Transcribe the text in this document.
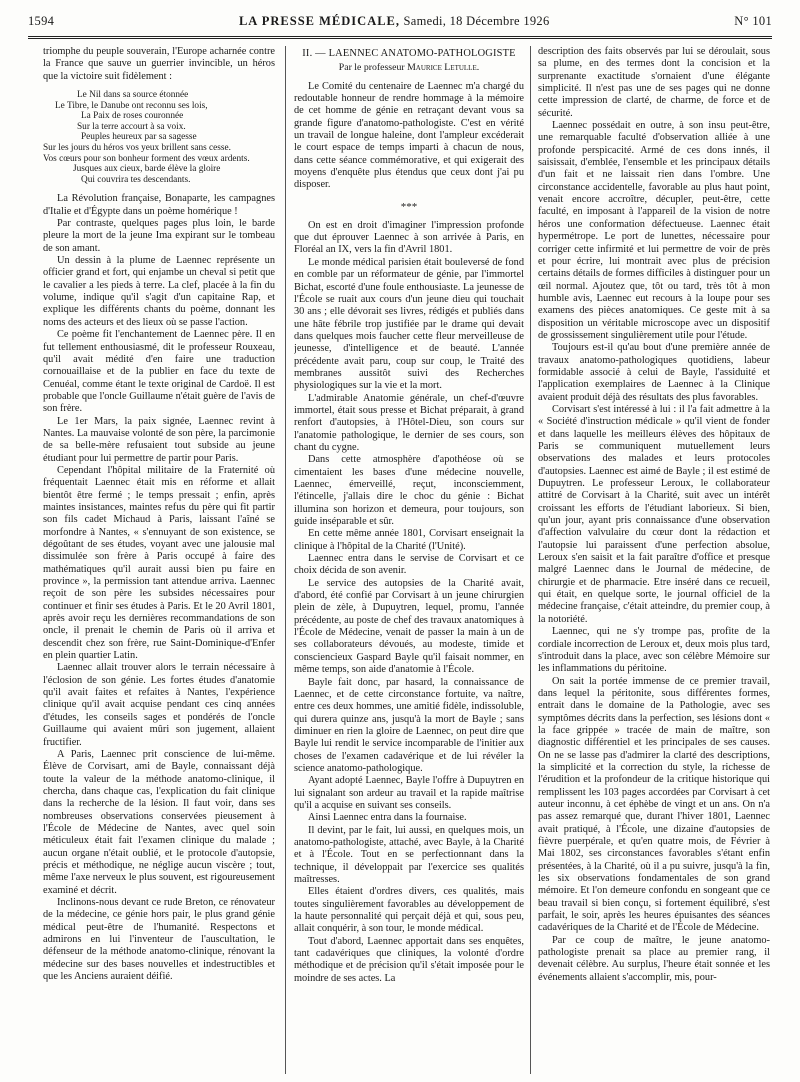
1594	LA PRESSE MÉDICALE, Samedi, 18 Décembre 1926	N° 101

triomphe du peuple souverain, l'Europe acharnée contre la France que sauve un guerrier invincible, un héros que la victoire suit fidèlement :

Le Nil dans sa source étonnée
Le Tibre, le Danube ont reconnu ses lois,
La Paix de roses couronnée
Sur la terre accourt à sa voix.
Peuples heureux par sa sagesse
Sur les jours du héros vos yeux brillent sans cesse.
Vos cœurs pour son bonheur forment des vœux ardents.
Jusques aux cieux, barde élève la gloire
Qui couvrira tes descendants.

La Révolution française, Bonaparte, les campagnes d'Italie et d'Égypte dans un poème homérique !

Par contraste, quelques pages plus loin, le barde pleure la mort de la jeune Ima expirant sur le tombeau de son amant.

Un dessin à la plume de Laennec représente un officier grand et fort, qui enjambe un cheval si petit que le cavalier a les pieds à terre. La clef, placée à la fin du volume, indique qu'il s'agit d'un capitaine Rap, et explique les différents chants du poème, donnant les noms des acteurs et des lieux où se passe l'action.

Ce poème fit l'enchantement de Laennec père. Il en fut tellement enthousiasmé, dit le professeur Rouxeau, qu'il avait médité d'en faire une traduction cornouaillaise et de la publier en face du texte de Cenuéal, comme étant le texte original de Cardoë. Il est probable que l'oncle Guillaume n'était guère de l'avis de son frère.

Le 1er Mars, la paix signée, Laennec revint à Nantes. La mauvaise volonté de son père, la parcimonie de sa belle-mère refusaient tout subside au jeune étudiant pour lui permettre de partir pour Paris.

Cependant l'hôpital militaire de la Fraternité où fréquentait Laennec était mis en réforme et allait bientôt être fermé ; le temps pressait ; enfin, après maintes insistances, maintes refus du père qui fit partir son fils cadet Michaud à Paris, laissant l'aîné se morfondre à Nantes, « s'ennuyant de son existence, se dégoûtant de ses études, voyant avec une jalousie mal dissimulée son frère à Paris occupé à faire des mathématiques qu'il aurait aussi bien pu faire en province », la permission tant attendue arriva. Laennec reçoit de son père les subsides nécessaires pour continuer et finir ses études à Paris. Et le 20 Avril 1801, après avoir reçu les dernières recommandations de son oncle, il prenait le chemin de Paris où il arriva et descendit chez son frère, rue Saint-Dominique-d'Enfer en plein quartier Latin.

Laennec allait trouver alors le terrain nécessaire à l'éclosion de son génie. Les fortes études d'anatomie qu'il avait faites et refaites à Nantes, l'expérience clinique qu'il avait acquise pendant ces cinq années d'études, les conseils sages et pondérés de l'oncle Guillaume qui avaient mûri son jugement, allaient fructifier.

A Paris, Laennec prit conscience de lui-même. Élève de Corvisart, ami de Bayle, connaissant déjà toute la valeur de la méthode anatomo-clinique, il chercha, dans chaque cas, l'explication du fait clinique dans la recherche de la lésion. Il faut voir, dans ses nombreuses observations conservées pieusement à l'École de Médecine de Nantes, avec quel soin méticuleux était fait l'examen clinique du malade ; aucun organe n'était oublié, et le protocole d'autopsie, précis et méthodique, ne néglige aucun viscère ; tout, même l'axe nerveux le plus souvent, est rigoureusement examiné et décrit.

Inclinons-nous devant ce rude Breton, ce rénovateur de la médecine, ce génie hors pair, le plus grand génie médical peut-être de l'humanité. Respectons et admirons en lui l'inventeur de l'auscultation, le défenseur de la méthode anatomo-clinique, rénovant la médecine sur des bases nouvelles et indestructibles et que les Anciens auraient déifié.

II. — LAENNEC ANATOMO-PATHOLOGISTE
Par le professeur Maurice Letulle.

Le Comité du centenaire de Laennec m'a chargé du redoutable honneur de rendre hommage à la mémoire de cet homme de génie en retraçant devant vous sa grande figure d'anatomo-pathologiste. C'est en vérité un travail de longue haleine, dont l'ampleur excéderait le court espace de temps imparti à chacun de nous, dans cette séance commémorative, et qui exigerait des moyens d'enquête plus étendus que ceux dont j'ai pu disposer.

***

On est en droit d'imaginer l'impression profonde que dut éprouver Laennec à son arrivée à Paris, en Floréal an IX, vers la fin d'Avril 1801.

Le monde médical parisien était bouleversé de fond en comble par un réformateur de génie, par l'immortel Bichat, escorté d'une foule enthousiaste. La jeunesse de l'École se ruait aux cours d'un jeune dieu qui touchait 30 ans ; elle dévorait ses livres, rédigés et publiés dans une hâte fébrile trop justifiée par le drame qui devait dans quelques mois faucher cette fleur merveilleuse de jeunesse, d'intelligence et de beauté. L'année précédente avait paru, coup sur coup, le Traité des membranes aussitôt suivi des Recherches physiologiques sur la vie et la mort.

L'admirable Anatomie générale, un chef-d'œuvre immortel, était sous presse et Bichat préparait, à grand renfort d'autopsies, à l'Hôtel-Dieu, son cours sur l'anatomie pathologique, le dernier de ses cours, son chant du cygne.

Dans cette atmosphère d'apothéose où se cimentaient les bases d'une médecine nouvelle, Laennec, émerveillé, reçut, inconsciemment, l'étincelle, j'allais dire le choc du génie : Bichat illumina son horizon et demeura, pour toujours, son guide inséparable et sûr.

En cette même année 1801, Corvisart enseignait la clinique à l'hôpital de la Charité (l'Unité).

Laennec entra dans le servise de Corvisart et ce choix décida de son avenir.

Le service des autopsies de la Charité avait, d'abord, été confié par Corvisart à un jeune chirurgien plein de zèle, à Dupuytren, lequel, promu, l'année précédente, au poste de chef des travaux anatomiques à l'École de Médecine, venait de passer la main à un de ses collaborateurs dévoués, au modeste, timide et consciencieux Gaspard Bayle qu'il faisait nommer, en même temps, son aide d'anatomie à l'École.

Bayle fait donc, par hasard, la connaissance de Laennec, et de cette circonstance fortuite, va naître, entre ces deux hommes, une amitié fidèle, indissoluble, qui durera quinze ans, jusqu'à la mort de Bayle ; sans diminuer en rien la gloire de Laennec, on peut dire que Bayle lui rendit le service incomparable de l'initier aux choses de l'examen cadavérique et de lui révéler la science anatomo-pathologique.

Ayant adopté Laennec, Bayle l'offre à Dupuytren en lui signalant son ardeur au travail et la rapide maîtrise qu'il a acquise en suivant ses conseils.

Ainsi Laennec entra dans la fournaise.

Il devint, par le fait, lui aussi, en quelques mois, un anatomo-pathologiste, attaché, avec Bayle, à la Charité et à l'École. Tout en se perfectionnant dans la technique, il développait par l'exercice ses qualités maîtresses.

Elles étaient d'ordres divers, ces qualités, mais toutes singulièrement favorables au développement de la haute personnalité qui perçait déjà et qui, sous peu, allait conquérir, à son tour, le monde médical.

Tout d'abord, Laennec apportait dans ses enquêtes, tant cadavériques que cliniques, la volonté d'ordre méthodique et de précision qu'il s'était imposée pour le moindre de ses actes. La

description des faits observés par lui se déroulait, sous sa plume, en des termes dont la concision et la surprenante exactitude s'ornaient d'une élégante simplicité. Il n'est pas une de ses pages qui ne donne cette impression de clarté, de charme, de force et de sécurité.

Laennec possédait en outre, à son insu peut-être, une remarquable faculté d'observation alliée à une profonde perspicacité. Armé de ces dons innés, il saisissait, d'emblée, l'ensemble et les principaux détails d'un fait et ne laissait rien dans l'ombre. Une circonstance accidentelle, favorable au plus haut point, venait encore accroître, décupler, peut-être, cette faculté, en imposant à l'appareil de la vision de notre héros une conformation défectueuse. Laennec était hypermétrope. Le port de lunettes, nécessaire pour corriger cette infirmité et lui permettre de voir de près et pour écrire, lui montrait avec plus de précision certains détails de formes difficiles à distinguer pour un œil normal. Ajoutez que, tôt ou tard, très tôt à mon humble avis, Laennec eut recours à la loupe pour ses examens des pièces anatomiques. Ce geste mit à sa disposition un véritable microscope avec un dispositif de grossissement singulièrement utile pour l'étude.

Toujours est-il qu'au bout d'une première année de travaux anatomo-pathologiques quotidiens, labeur formidable associé à celui de Bayle, l'assiduité et l'application exemplaires de Laennec à la Clinique avaient produit déjà des résultats des plus favorables.

Corvisart s'est intéressé à lui : il l'a fait admettre à la « Société d'instruction médicale » qu'il vient de fonder et dans laquelle les meilleurs élèves des hôpitaux de Paris se communiquent mutuellement leurs observations des malades et leurs protocoles d'autopsies. Laennec est aimé de Bayle ; il est estimé de Dupuytren. Le professeur Leroux, le collaborateur attitré de Corvisart à la Charité, suit avec un intérêt croissant les efforts de l'étudiant laborieux. Si bien, qu'un jour, ayant pris connaissance d'une observation d'affection valvulaire du cœur dont la rédaction et l'autopsie lui paraissent d'une perfection absolue, Leroux s'en saisit et la fait paraître d'office et presque malgré Laennec dans le Journal de médecine, de chirurgie et de pharmacie. Etre inséré dans ce recueil, qui était, en quelque sorte, le journal officiel de la médecine française, c'était atteindre, du premier coup, à la notoriété.

Laennec, qui ne s'y trompe pas, profite de la cordiale incorrection de Leroux et, deux mois plus tard, s'introduit dans la place, avec son célèbre Mémoire sur les inflammations du péritoine.

On sait la portée immense de ce premier travail, dans lequel la péritonite, sous différentes formes, entrait dans le domaine de la Pathologie, avec ses symptômes décrits dans la perfection, ses lésions dont « la face grippée » tracée de main de maître, son diagnostic différentiel et les principales de ses causes. On ne se lasse pas d'admirer la clarté des descriptions, la simplicité et la correction du style, la richesse de l'érudition et la profondeur de la critique historique qui remplissent les 103 pages accordées par Corvisart à cet auteur inconnu, à cet éphèbe de vingt et un ans. On n'a pas assez remarqué que, durant l'hiver 1801, Laennec avait pratiqué, à l'École, une dizaine d'autopsies de fièvre puerpérale, et qu'en quatre mois, de Février à Mai 1802, ses circonstances favorables s'étant enfin présentées, à la Charité, où il a pu suivre, jusqu'à la fin, les six observations fondamentales de son grand mémoire. Et l'on demeure confondu en songeant que ce beau travail si bien conçu, si fortement équilibré, s'est parfait, le soir, après les heures épuisantes des séances cadavériques de la Charité et de l'École de Médecine.

Par ce coup de maître, le jeune anatomo-pathologiste prenait sa place au premier rang, il devenait célèbre. Au surplus, l'heure était sonnée et les événements allaient s'accomplir, mis, pour-
